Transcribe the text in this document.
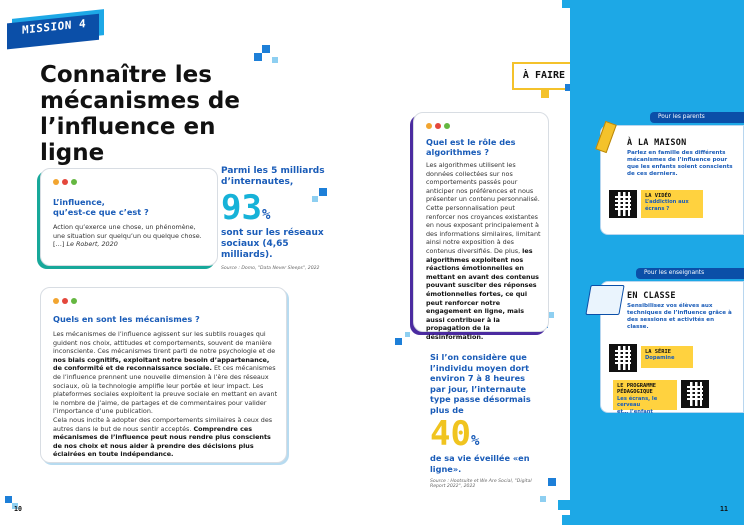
MISSION 4
Connaître les
mécanismes de
l’influence en ligne
L’influence,
qu’est-ce que c’est ?
Action qu’exerce une chose, un phénomène, une situation sur quelqu’un ou quelque chose. […] Le Robert, 2020
Parmi les 5 milliards d’internautes,
93%
sont sur les réseaux sociaux (4,65 milliards).
Source : Domo, "Data Never Sleeps", 2022
Quels en sont les mécanismes ?
Les mécanismes de l’influence agissent sur les subtils rouages qui guident nos choix, attitudes et comportements, souvent de manière inconsciente. Ces mécanismes tirent parti de notre psychologie et de nos biais cognitifs, exploitant notre besoin d’appartenance, de conformité et de reconnaissance sociale. Et ces mécanismes de l’influence prennent une nouvelle dimension à l’ère des réseaux sociaux, où la technologie amplifie leur portée et leur impact. Les plateformes sociales exploitent la preuve sociale en mettant en avant le nombre de j’aime, de partages et de commentaires pour valider l’importance d’une publication.
Cela nous incite à adopter des comportements similaires à ceux des autres dans le but de nous sentir acceptés. Comprendre ces mécanismes de l’influence peut nous rendre plus conscients de nos choix et nous aider à prendre des décisions plus éclairées en toute indépendance.
À FAIRE
Quel est le rôle des
algorithmes ?
Les algorithmes utilisent les données collectées sur nos comportements passés pour anticiper nos préférences et nous présenter un contenu personnalisé.
Cette personnalisation peut renforcer nos croyances existantes en nous exposant principalement à des informations similaires, limitant ainsi notre exposition à des contenus diversifiés. De plus, les algorithmes exploitent nos réactions émotionnelles en mettant en avant des contenus pouvant susciter des réponses émotionnelles fortes, ce qui peut renforcer notre engagement en ligne, mais aussi contribuer à la propagation de la désinformation.
Si l’on considère que l’individu moyen dort environ 7 à 8 heures par jour, l’internaute type passe désormais plus de
40%
de sa vie éveillée «en ligne».
Source : Hootsuite et We Are Social, "Digital Report 2022", 2022
Pour les parents
À LA MAISON
Parlez en famille des différents mécanismes de l’influence pour que les enfants soient conscients de ces derniers.
LA VIDÉO
L’addiction aux écrans ?
Pour les enseignants
EN CLASSE
Sensibilisez vos élèves aux techniques de l’influence grâce à des sessions et activités en classe.
LA SÉRIE
Dopamine
LE PROGRAMME
PÉDAGOGIQUE
Les écrans, le cerveau
et… l’enfant
10	11
